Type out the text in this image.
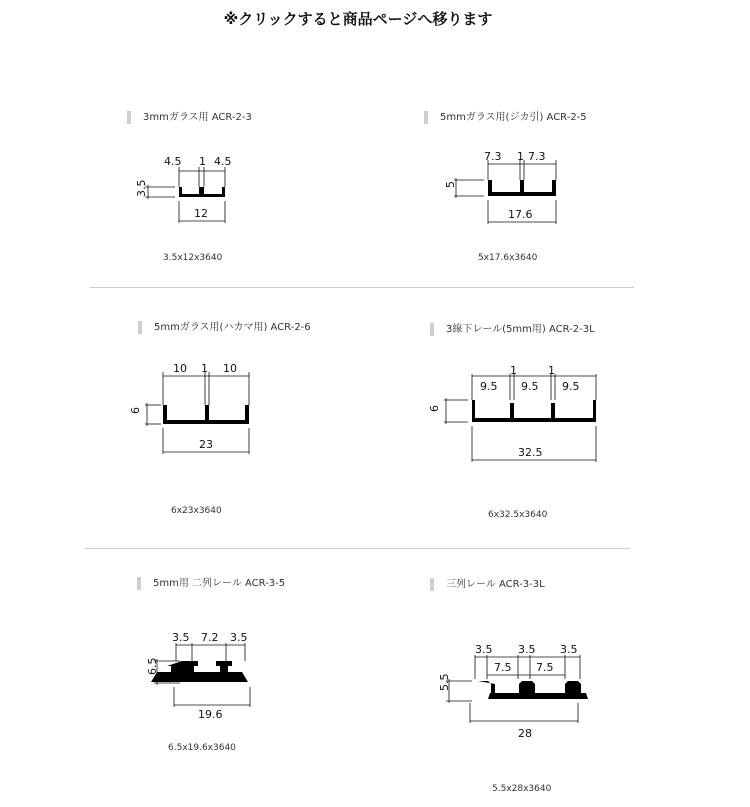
※クリックすると商品ページへ移ります
3mmガラス用 ACR-2-3
4.5 1 4.5
3.5
12
3.5x12x3640
5mmガラス用(ジカ引) ACR-2-5
7.3 1 7.3
5
17.6
5x17.6x3640
5mmガラス用(ハカマ用) ACR-2-6
10 1 10
6
23
6x23x3640
3線下レール(5mm用) ACR-2-3L
1	1
9.5 9.5 9.5
6
32.5
6x32.5x3640
5mm用 二列レール ACR-3-5
3.5 7.2 3.5
6.5
19.6
6.5x19.6x3640
三列レール ACR-3-3L
3.5 3.5 3.5
7.5 7.5
5.5
28
5.5x28x3640
